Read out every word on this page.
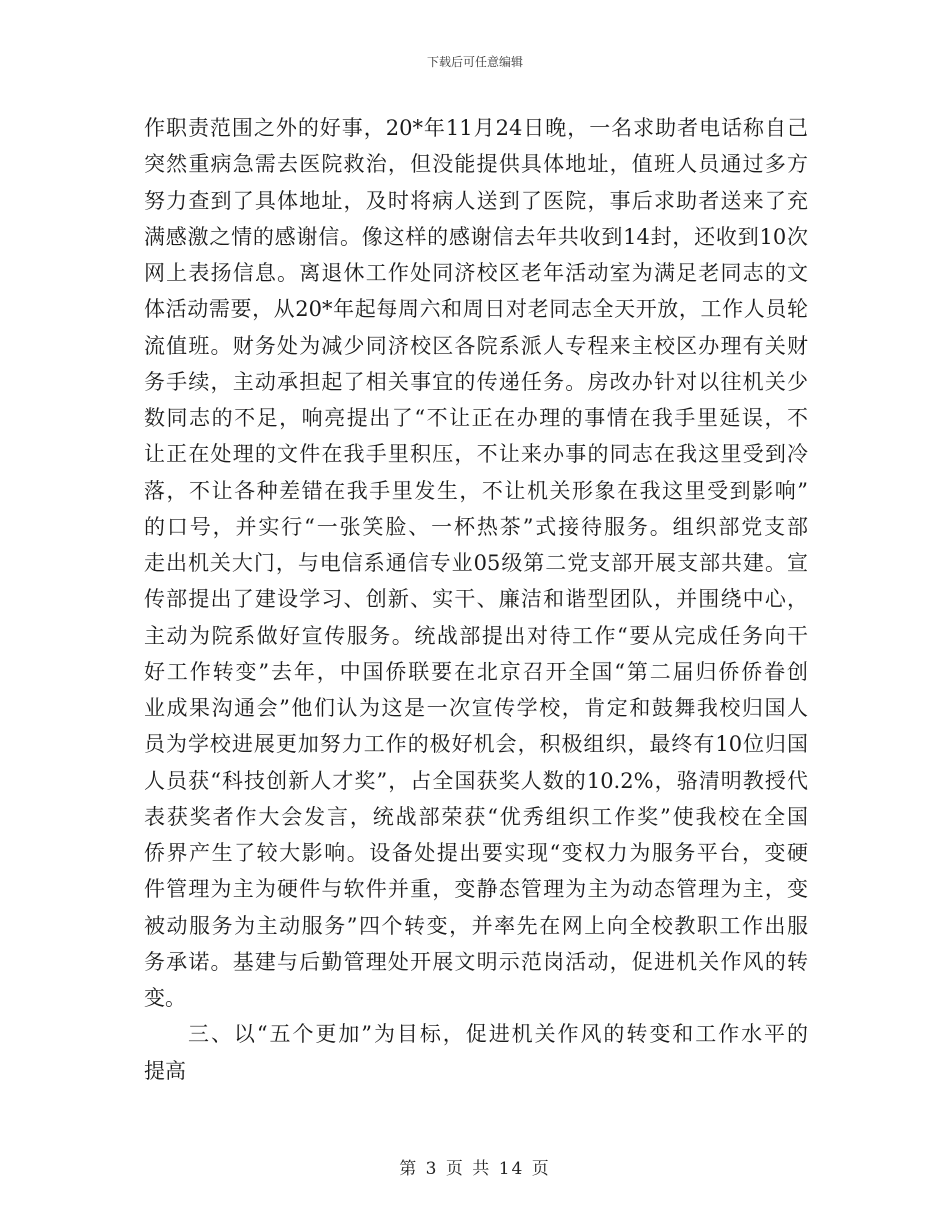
下载后可任意编辑
作职责范围之外的好事，20*年11月24日晚，一名求助者电话称自己
突然重病急需去医院救治，但没能提供具体地址，值班人员通过多方
努力查到了具体地址，及时将病人送到了医院，事后求助者送来了充
满感激之情的感谢信。像这样的感谢信去年共收到14封，还收到10次
网上表扬信息。离退休工作处同济校区老年活动室为满足老同志的文
体活动需要，从20*年起每周六和周日对老同志全天开放，工作人员轮
流值班。财务处为减少同济校区各院系派人专程来主校区办理有关财
务手续，主动承担起了相关事宜的传递任务。房改办针对以往机关少
数同志的不足，响亮提出了“不让正在办理的事情在我手里延误，不
让正在处理的文件在我手里积压，不让来办事的同志在我这里受到冷
落，不让各种差错在我手里发生，不让机关形象在我这里受到影响”
的口号，并实行“一张笑脸、一杯热茶”式接待服务。组织部党支部
走出机关大门，与电信系通信专业05级第二党支部开展支部共建。宣
传部提出了建设学习、创新、实干、廉洁和谐型团队，并围绕中心，
主动为院系做好宣传服务。统战部提出对待工作“要从完成任务向干
好工作转变”去年，中国侨联要在北京召开全国“第二届归侨侨眷创
业成果沟通会”他们认为这是一次宣传学校，肯定和鼓舞我校归国人
员为学校进展更加努力工作的极好机会，积极组织，最终有10位归国
人员获“科技创新人才奖”，占全国获奖人数的10.2%，骆清明教授代
表获奖者作大会发言，统战部荣获“优秀组织工作奖”使我校在全国
侨界产生了较大影响。设备处提出要实现“变权力为服务平台，变硬
件管理为主为硬件与软件并重，变静态管理为主为动态管理为主，变
被动服务为主动服务”四个转变，并率先在网上向全校教职工作出服
务承诺。基建与后勤管理处开展文明示范岗活动，促进机关作风的转
变。
三、以“五个更加”为目标，促进机关作风的转变和工作水平的
提高
第 3 页 共 14 页
